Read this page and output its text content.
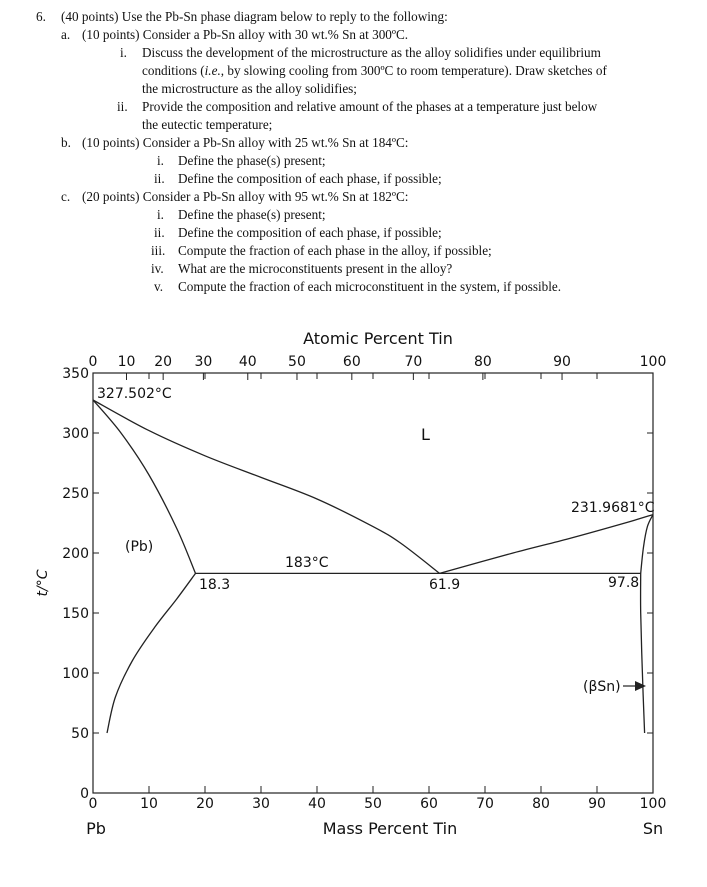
6. (40 points) Use the Pb-Sn phase diagram below to reply to the following:
a. (10 points) Consider a Pb-Sn alloy with 30 wt.% Sn at 300ºC.
i. Discuss the development of the microstructure as the alloy solidifies under equilibrium
conditions (i.e., by slowing cooling from 300ºC to room temperature). Draw sketches of
the microstructure as the alloy solidifies;
ii. Provide the composition and relative amount of the phases at a temperature just below
the eutectic temperature;
b. (10 points) Consider a Pb-Sn alloy with 25 wt.% Sn at 184ºC:
i. Define the phase(s) present;
ii. Define the composition of each phase, if possible;
c. (20 points) Consider a Pb-Sn alloy with 95 wt.% Sn at 182ºC:
i. Define the phase(s) present;
ii. Define the composition of each phase, if possible;
iii. Compute the fraction of each phase in the alloy, if possible;
iv. What are the microconstituents present in the alloy?
v. Compute the fraction of each microconstituent in the system, if possible.
0	10	20	30	40	50	60	70	80	90 100
0
50
100
150
200
250
300
350
0 10 20 30 40 50	60	70	80	90	100
Atomic Percent Tin
Mass Percent Tin
Pb	Sn
t/°C
327.502°C
231.9681°C
183°C
18.3	61.9	97.8
L
(Pb)
(βSn)
